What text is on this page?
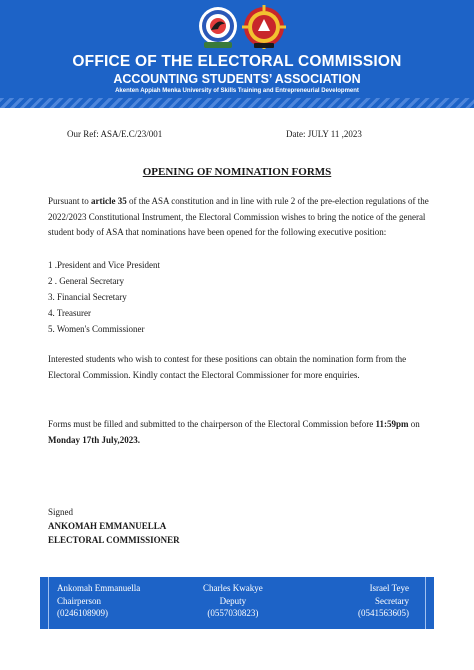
OFFICE OF THE ELECTORAL COMMISSION
ACCOUNTING STUDENTS’ ASSOCIATION
Akenten Appiah Menka University of Skills Training and Entrepreneurial Development
Our Ref: ASA/E.C/23/001	Date: JULY 11 ,2023
OPENING OF NOMINATION FORMS
Pursuant to article 35 of the ASA constitution and in line with rule 2 of the pre-election regulations of the 2022/2023 Constitutional Instrument, the Electoral Commission wishes to bring the notice of the general student body of ASA that nominations have been opened for the following executive position:
1 .President and Vice President
2 . General Secretary
3. Financial Secretary
4. Treasurer
5. Women's Commissioner
Interested students who wish to contest for these positions can obtain the nomination form from the Electoral Commission. Kindly contact the Electoral Commissioner for more enquiries.
Forms must be filled and submitted to the chairperson of the Electoral Commission before 11:59pm on Monday 17th July,2023.
Signed
ANKOMAH EMMANUELLA
ELECTORAL COMMISSIONER
Ankomah Emmanuella
Chairperson
(0246108909)
Charles Kwakye
Deputy
(0557030823)
Israel Teye
Secretary
(0541563605)
